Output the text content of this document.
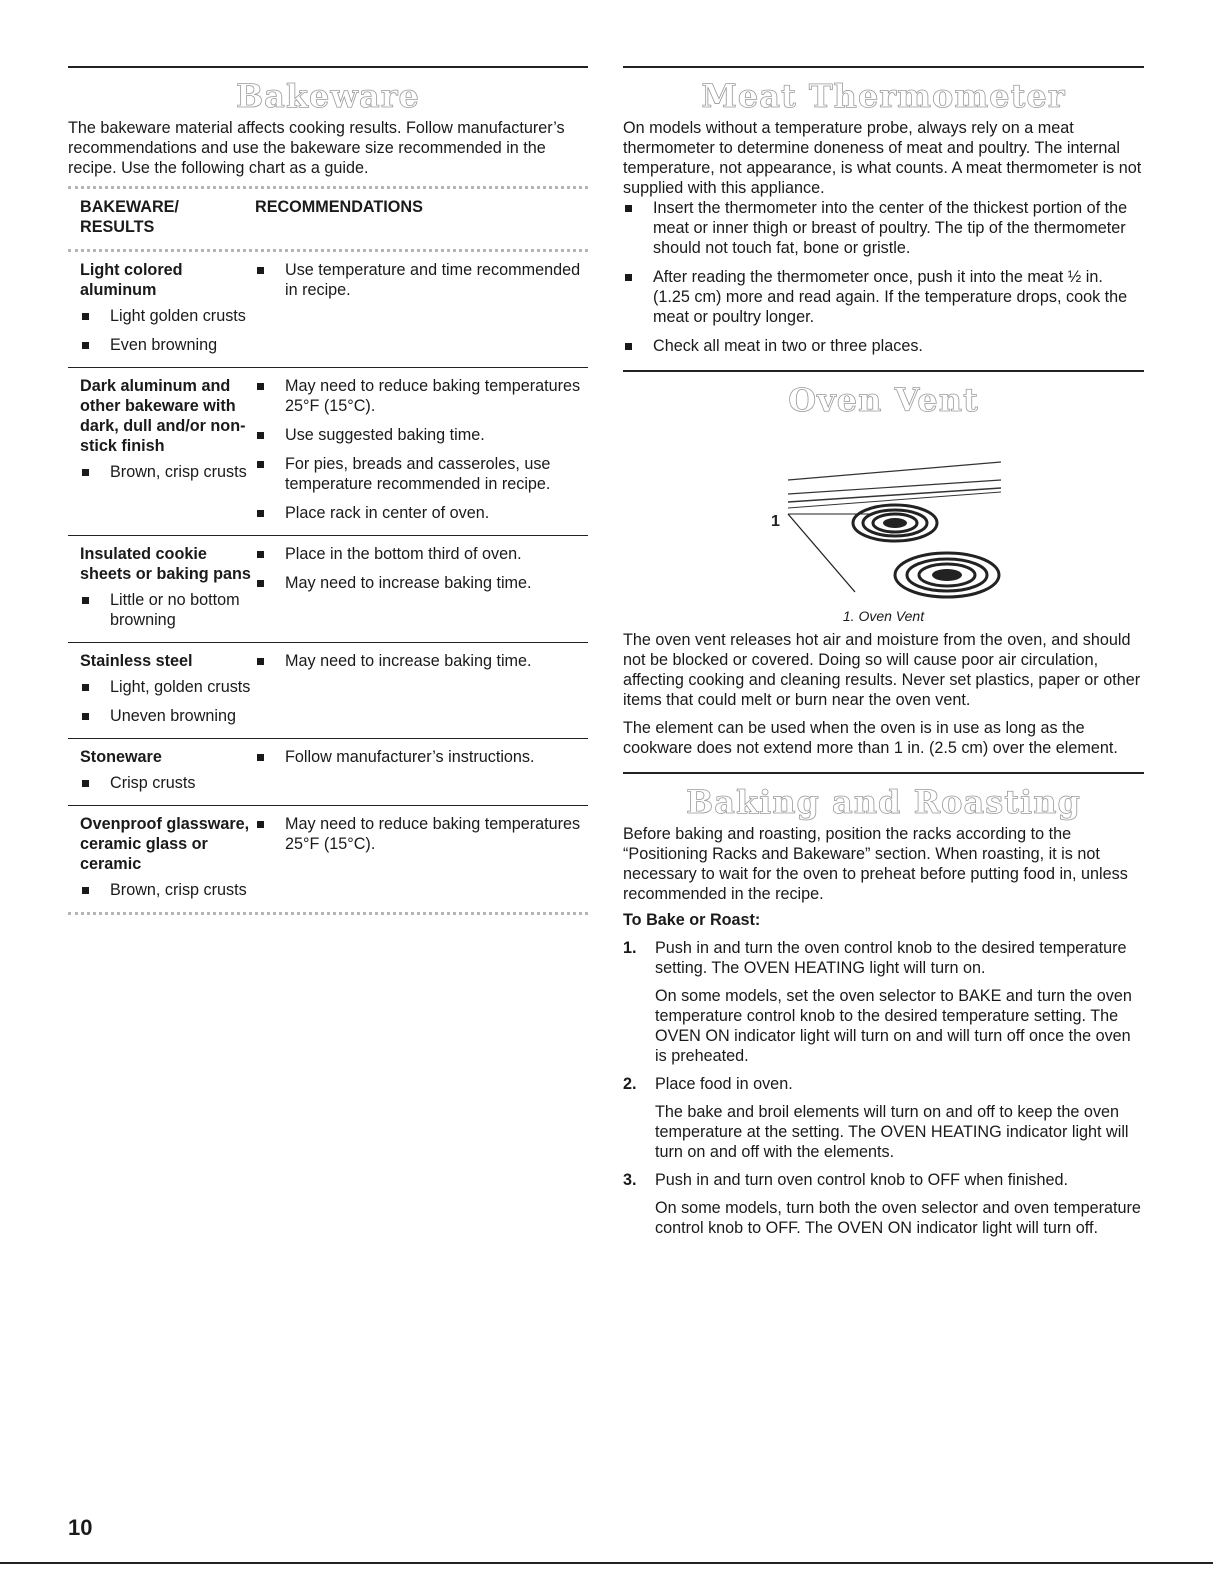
Bakeware

The bakeware material affects cooking results. Follow manufacturer’s recommendations and use the bakeware size recommended in the recipe. Use the following chart as a guide.

BAKEWARE/ RESULTS
RECOMMENDATIONS
Light colored aluminum
Light golden crusts
Even browning
Use temperature and time recommended in recipe.
Dark aluminum and other bakeware with dark, dull and/or non-stick finish
Brown, crisp crusts
May need to reduce baking temperatures 25°F (15°C).
Use suggested baking time.
For pies, breads and casseroles, use temperature recommended in recipe.
Place rack in center of oven.
Insulated cookie sheets or baking pans
Little or no bottom browning
Place in the bottom third of oven.
May need to increase baking time.
Stainless steel
Light, golden crusts
Uneven browning
May need to increase baking time.
Stoneware
Crisp crusts
Follow manufacturer’s instructions.
Ovenproof glassware, ceramic glass or ceramic
Brown, crisp crusts
May need to reduce baking temperatures 25°F (15°C).
Meat Thermometer

On models without a temperature probe, always rely on a meat thermometer to determine doneness of meat and poultry. The internal temperature, not appearance, is what counts. A meat thermometer is not supplied with this appliance.

Insert the thermometer into the center of the thickest portion of the meat or inner thigh or breast of poultry. The tip of the thermometer should not touch fat, bone or gristle.
After reading the thermometer once, push it into the meat ½ in. (1.25 cm) more and read again. If the temperature drops, cook the meat or poultry longer.
Check all meat in two or three places.
Oven Vent
1
1. Oven Vent

The oven vent releases hot air and moisture from the oven, and should not be blocked or covered. Doing so will cause poor air circulation, affecting cooking and cleaning results. Never set plastics, paper or other items that could melt or burn near the oven vent.

The element can be used when the oven is in use as long as the cookware does not extend more than 1 in. (2.5 cm) over the element.

Baking and Roasting

Before baking and roasting, position the racks according to the “Positioning Racks and Bakeware” section. When roasting, it is not necessary to wait for the oven to preheat before putting food in, unless recommended in the recipe.

To Bake or Roast:
1. Push in and turn the oven control knob to the desired temperature setting. The OVEN HEATING light will turn on.

On some models, set the oven selector to BAKE and turn the oven temperature control knob to the desired temperature setting. The OVEN ON indicator light will turn on and will turn off once the oven is preheated.

2. Place food in oven.

The bake and broil elements will turn on and off to keep the oven temperature at the setting. The OVEN HEATING indicator light will turn on and off with the elements.

3. Push in and turn oven control knob to OFF when finished.

On some models, turn both the oven selector and oven temperature control knob to OFF. The OVEN ON indicator light will turn off.

10
